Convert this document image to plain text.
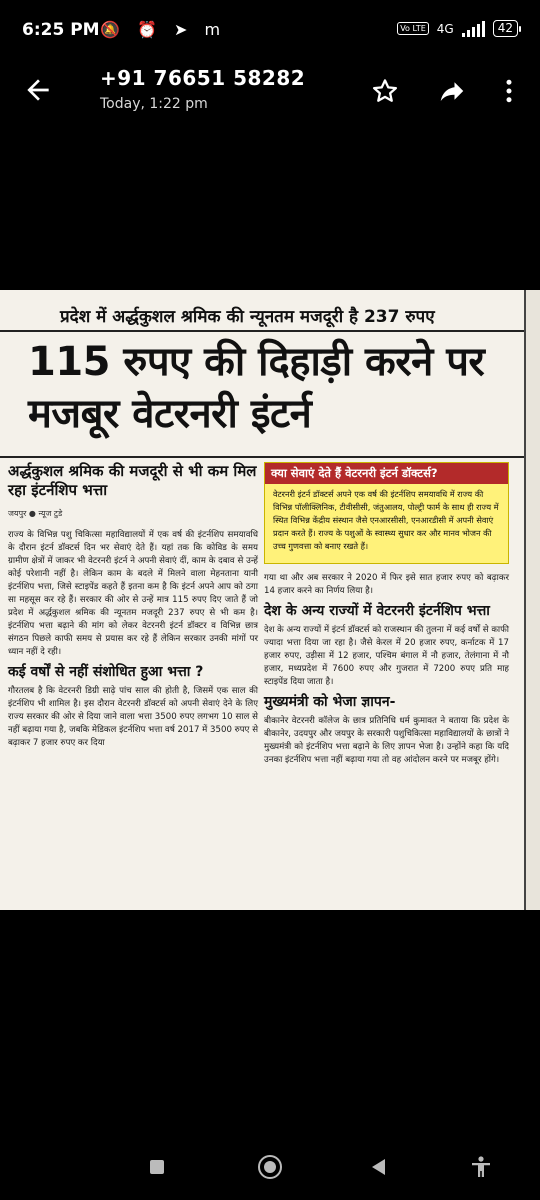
6:25 PM 🔕 ⏰ ➤ m	Vo LTE 4G	42
+91 76651 58282
Today, 1:22 pm
प्रदेश में अर्द्धकुशल श्रमिक की न्यूनतम मजदूरी है 237 रुपए
115 रुपए की दिहाड़ी करने पर मजबूर वेटरनरी इंटर्न

अर्द्धकुशल श्रमिक की मजदूरी से भी कम मिल रहा इंटर्नशिप भत्ता

जयपुर ● न्यूज टुडे

राज्य के विभिन्न पशु चिकित्सा महाविद्यालयों में एक वर्ष की इंटर्नशिप समयावधि के दौरान इंटर्न डॉक्टर्स दिन भर सेवाएं देते हैं। यहां तक कि कोविड के समय ग्रामीण क्षेत्रों में जाकर भी वेटरनरी इंटर्न ने अपनी सेवाएं दीं, काम के दबाव से उन्हें कोई परेशानी नहीं है। लेकिन काम के बदले में मिलने वाला मेहनताना यानी इंटर्नशिप भत्ता, जिसे स्टाइपेंड कहते हैं इतना कम है कि इंटर्न अपने आप को ठगा सा महसूस कर रहे हैं। सरकार की ओर से उन्हें मात्र 115 रुपए दिए जाते हैं जो प्रदेश में अर्द्धकुशल श्रमिक की न्यूनतम मजदूरी 237 रुपए से भी कम है। इंटर्नशिप भत्ता बढ़ाने की मांग को लेकर वेटरनरी इंटर्न डॉक्टर व विभिन्न छात्र संगठन पिछले काफी समय से प्रयास कर रहे हैं लेकिन सरकार उनकी मांगों पर ध्यान नहीं दे रही।

कई वर्षों से नहीं संशोधित हुआ भत्ता ?

गौरतलब है कि वेटरनरी डिग्री साढ़े पांच साल की होती है, जिसमें एक साल की इंटर्नशिप भी शामिल है। इस दौरान वेटरनरी डॉक्टर्स को अपनी सेवाएं देने के लिए राज्य सरकार की ओर से दिया जाने वाला भत्ता 3500 रुपए लगभग 10 साल से नहीं बढ़ाया गया है, जबकि मेडिकल इंटर्नशिप भत्ता वर्ष 2017 में 3500 रुपए से बढ़ाकर 7 हजार रुपए कर दिया

क्या सेवाएं देते हैं वेटरनरी इंटर्न डॉक्टर्स?
वेटरनरी इंटर्न डॉक्टर्स अपने एक वर्ष की इंटर्नशिप समयावधि में राज्य की विभिन्न पॉलीक्लिनिक, टीवीसीसी, जंतुआलय, पोल्ट्री फार्म के साथ ही राज्य में स्थित विभिन्न केंद्रीय संस्थान जैसे एनआरसीसी, एनआरडीसी में अपनी सेवाएं प्रदान करते हैं। राज्य के पशुओं के स्वास्थ्य सुधार कर और मानव भोजन की उच्च गुणवत्ता को बनाए रखते हैं।

गया था और अब सरकार ने 2020 में फिर इसे सात हजार रुपए को बढ़ाकर 14 हजार करने का निर्णय लिया है।

देश के अन्य राज्यों में वेटरनरी इंटर्नशिप भत्ता

देश के अन्य राज्यों में इंटर्न डॉक्टर्स को राजस्थान की तुलना में कई वर्षों से काफी ज्यादा भत्ता दिया जा रहा है। जैसे केरल में 20 हजार रुपए, कर्नाटक में 17 हजार रुपए, उड़ीसा में 12 हजार, पश्चिम बंगाल में नौ हजार, तेलंगाना में नौ हजार, मध्यप्रदेश में 7600 रुपए और गुजरात में 7200 रुपए प्रति माह स्टाइपेंड दिया जाता है।

मुख्यमंत्री को भेजा ज्ञापन-

बीकानेर वेटरनरी कॉलेज के छात्र प्रतिनिधि धर्म कुमावत ने बताया कि प्रदेश के बीकानेर, उदयपुर और जयपुर के सरकारी पशुचिकित्सा महाविद्यालयों के छात्रों ने मुख्यमंत्री को इंटर्नशिप भत्ता बढ़ाने के लिए ज्ञापन भेजा है। उन्होंने कहा कि यदि उनका इंटर्नशिप भत्ता नहीं बढ़ाया गया तो वह आंदोलन करने पर मजबूर होंगे।
